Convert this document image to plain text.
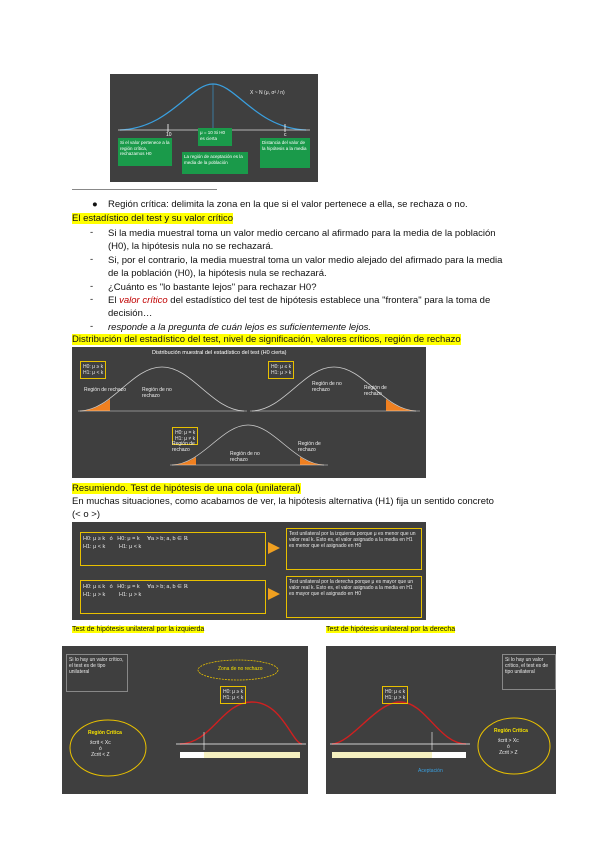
X ~ N (μ, σ² / n)
10	c
Si el valor pertenece a la región crítica, rechazamos H0
μ = 10 Si H0 es cierta
La región de aceptación es la media de la población
Distancia del valor de la hipótesis a la media
————————————————————————
● Región crítica: delimita la zona en la que si el valor pertenece a ella, se rechaza o no.
El estadístico del test y su valor crítico
- Si la media muestral toma un valor medio cercano al afirmado para la media de la población
(H0), la hipótesis nula no se rechazará.
- Si, por el contrario, la media muestral toma un valor medio alejado del afirmado para la media
de la población (H0), la hipótesis nula se rechazará.
- ¿Cuánto es "lo bastante lejos" para rechazar H0?
- El valor crítico del estadístico del test de hipótesis establece una "frontera" para la toma de
decisión…
- responde a la pregunta de cuán lejos es suficientemente lejos.
Distribución del estadístico del test, nivel de significación, valores críticos, región de rechazo
Distribución muestral del estadístico del test (H0 cierta)
H0: μ ≥ k
H1: μ < k
Región de rechazo	Región de no rechazo
H0: μ ≤ k
H1: μ > k
Región de rechazo
Región de no rechazo
H0: μ = k
H1: μ ≠ k
Región de no rechazo
Región de rechazo
Región de rechazo
Resumiendo. Test de hipótesis de una cola (unilateral)
En muchas situaciones, como acabamos de ver, la hipótesis alternativa (H1) fija un sentido concreto
(< o >)
H0: μ ≥ k   ó   H0: μ = k     ∀a > b; a, b ∈ ℝ
H1: μ < k         H1: μ < k
Test unilateral por la izquierda porque μ es menor que un valor real k. Esto es, el valor asignado a la media en H1 es menor que el asignado en H0
H0: μ ≤ k   ó   H0: μ = k     ∀a > b; a, b ∈ ℝ
H1: μ > k         H1: μ > k
Test unilateral por la derecha porque μ es mayor que un valor real k. Esto es, el valor asignado a la media en H1 es mayor que el asignado en H0
Test de hipótesis unilateral por la izquierda	Test de hipótesis unilateral por la derecha
Si lo hay un valor crítico, el test es de tipo unilateral	Zona de no rechazo
H0: μ ≥ k
H1: μ < k
Región Crítica
x̄crit < Xc
ó
Zcrit < Z
H0: μ ≤ k
H1: μ > k
Si lo hay un valor crítico, el test es de tipo unilateral
Región Crítica
x̄crit > Xc
ó
Zcrit > Z
Aceptación
